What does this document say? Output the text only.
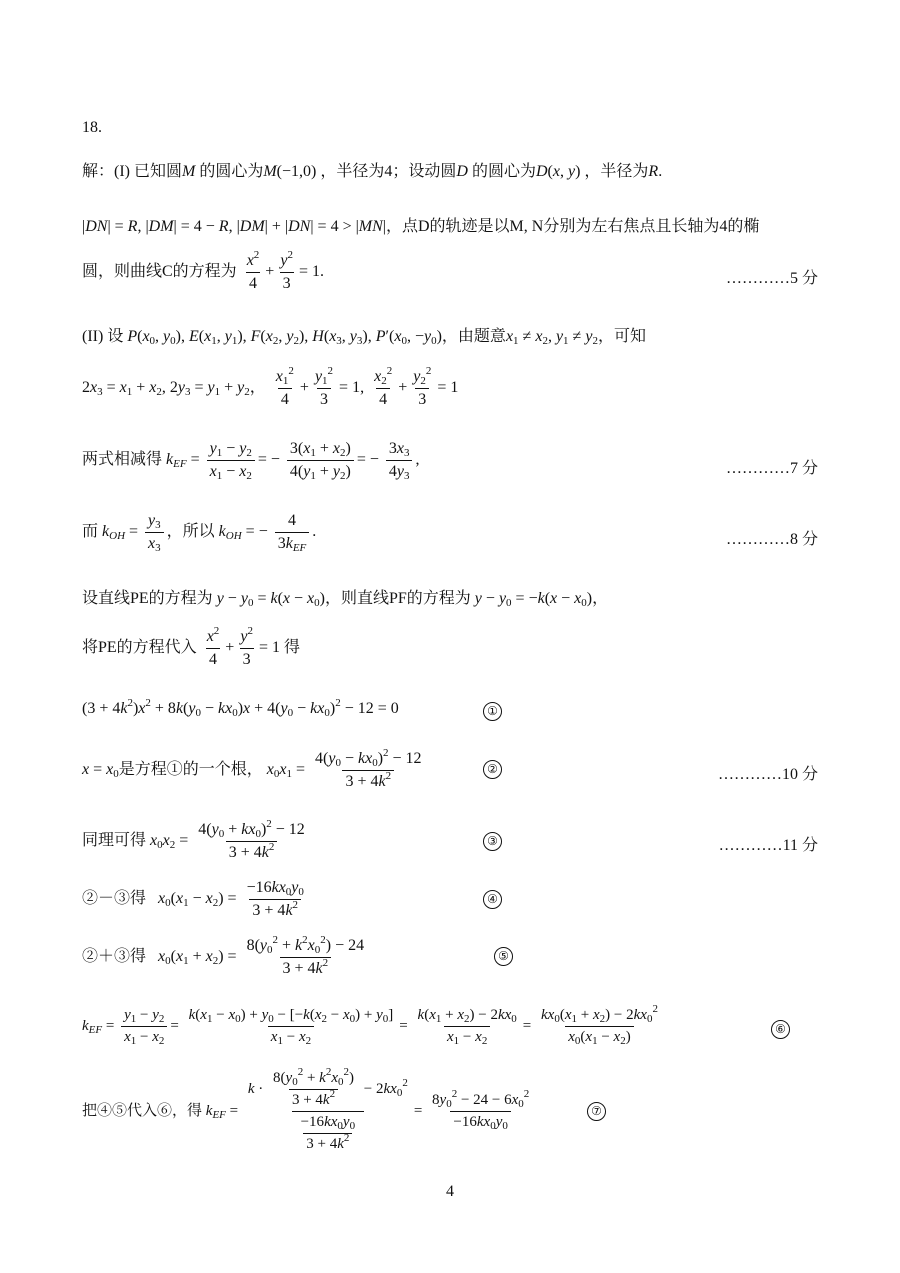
18.
解：(I) 已知圆M 的圆心为M(−1,0) ，半径为4；设动圆D 的圆心为D(x, y) ，半径为R.
|DN| = R, |DM| = 4 − R, |DM| + |DN| = 4 > |MN|，点D的轨迹是以M, N分别为左右焦点且长轴为4的椭
圆，则曲线C的方程为 $\frac{x^2}{4} + \frac{y^2}{3} = 1$.	…………5 分
(II) 设 $P(x_0$, $y_0$), $E(x_1$, $y_1$), $F(x_2$, $y_2$), $H(x_3$, $y_3$), $P'(x_0$, $-y_0$)，由题意$x_1 \ne x_2$, $y_1 \ne y_2$，可知
$2x_3 = x_1 + x_2$, $2y_3 = y_1 + y_2$， $\frac{x_1^2}{4} + \frac{y_1^2}{3} = 1$, $\frac{x_2^2}{4} + \frac{y_2^2}{3} = 1$
两式相减得 $k_{EF} = \frac{y_1 - y_2}{x_1 - x_2}$ = − $\frac{3(x_1 + x_2)}{4(y_1 + y_2)}$ = − $\frac{3x_3}{4y_3}$ ,
…………7 分
而 $k_{OH} = \frac{y_3}{x_3}$ ，所以 $k_{OH}$ = − $\frac{4}{3k_{EF}}$ .	…………8 分
设直线PE的方程为 $y - y_0 = k(x - x_0)$，则直线PF的方程为 $y - y_0 = -k(x - x_0)$，
将PE的方程代入 $\frac{x^2}{4} + \frac{y^2}{3} = 1$ 得
$(3 + 4k^2)x^2 + 8k(y_0 - kx_0)x + 4(y_0 - kx_0)^2 - 12 = 0$	①
$x = x_0$是方程①的一个根， $x_0x_1 = \frac{4(y_0 - kx_0)^2 - 12}{3 + 4k^2}$	②	…………10 分
同理可得 $x_0x_2 = \frac{4(y_0 + kx_0)^2 - 12}{3 + 4k^2}$	③	…………11 分
②－③得 $x_0(x_1 - x_2) = \frac{-16kx_0y_0}{3 + 4k^2}$	④
②＋③得 $x_0(x_1 + x_2) = \frac{8(y_0^2 + k^2x_0^2) - 24}{3 + 4k^2}$	⑤
$k_{EF} = \frac{y_1 - y_2}{x_1 - x_2} = \frac{k(x_1 - x_0) + y_0 - [-k(x_2 - x_0) + y_0]}{x_1 - x_2} = \frac{k(x_1 + x_2) - 2kx_0}{x_1 - x_2} = \frac{kx_0(x_1 + x_2) - 2kx_0^2}{x_0(x_1 - x_2)}$	⑥
把④⑤代入⑥，得 $k_{EF} = \frac{k \cdot \frac{8(y_0^2 + k^2x_0^2)}{3 + 4k^2} - 2kx_0^2}{\frac{-16kx_0y_0}{3 + 4k^2}} = \frac{8y_0^2 - 24 - 6x_0^2}{-16kx_0y_0}$	⑦
4
